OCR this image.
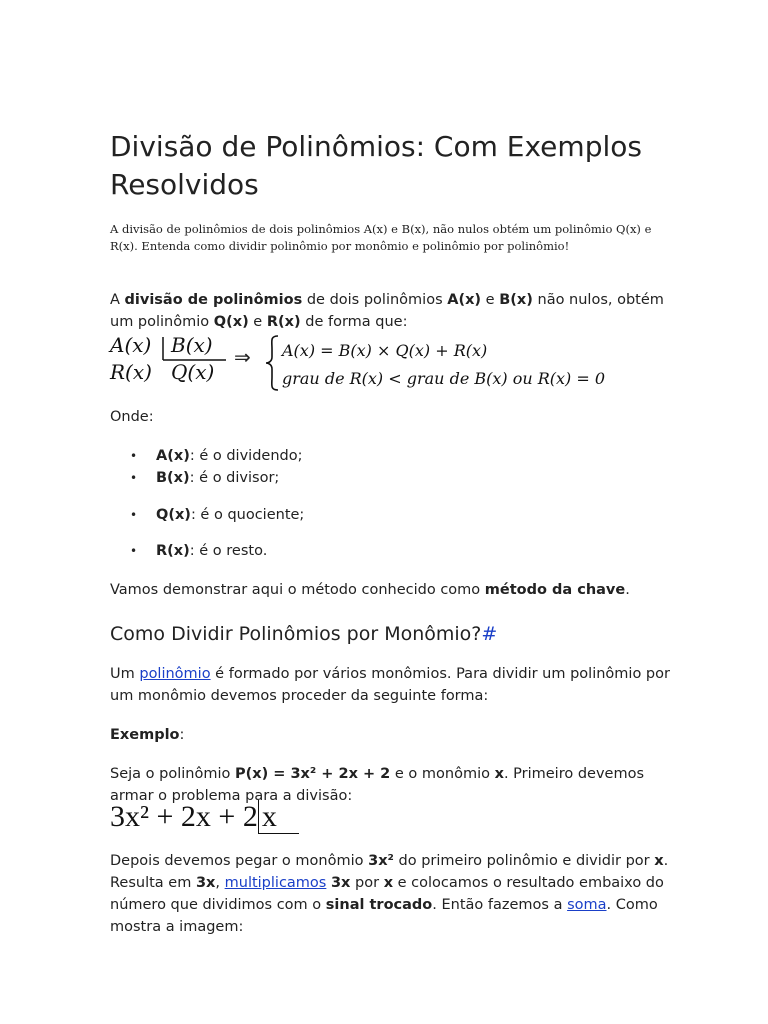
Divisão de Polinômios: Com Exemplos Resolvidos

A divisão de polinômios de dois polinômios A(x) e B(x), não nulos obtém um polinômio Q(x) e R(x). Entenda como dividir polinômio por monômio e polinômio por polinômio!

A divisão de polinômios de dois polinômios A(x) e B(x) não nulos, obtém um polinômio Q(x) e R(x) de forma que:

A(x) B(x)
R(x) Q(x)
⇒ A(x) = B(x) × Q(x) + R(x)
grau de R(x) < grau de B(x) ou R(x) = 0

Onde:

• A(x): é o dividendo;
• B(x): é o divisor;
• Q(x): é o quociente;
• R(x): é o resto.

Vamos demonstrar aqui o método conhecido como método da chave.

Como Dividir Polinômios por Monômio?#

Um polinômio é formado por vários monômios. Para dividir um polinômio por um monômio devemos proceder da seguinte forma:

Exemplo:

Seja o polinômio P(x) = 3x² + 2x + 2 e o monômio x. Primeiro devemos armar o problema para a divisão:

3x² + 2x + 2 x

Depois devemos pegar o monômio 3x² do primeiro polinômio e dividir por x. Resulta em 3x, multiplicamos 3x por x e colocamos o resultado embaixo do número que dividimos com o sinal trocado. Então fazemos a soma. Como mostra a imagem:
